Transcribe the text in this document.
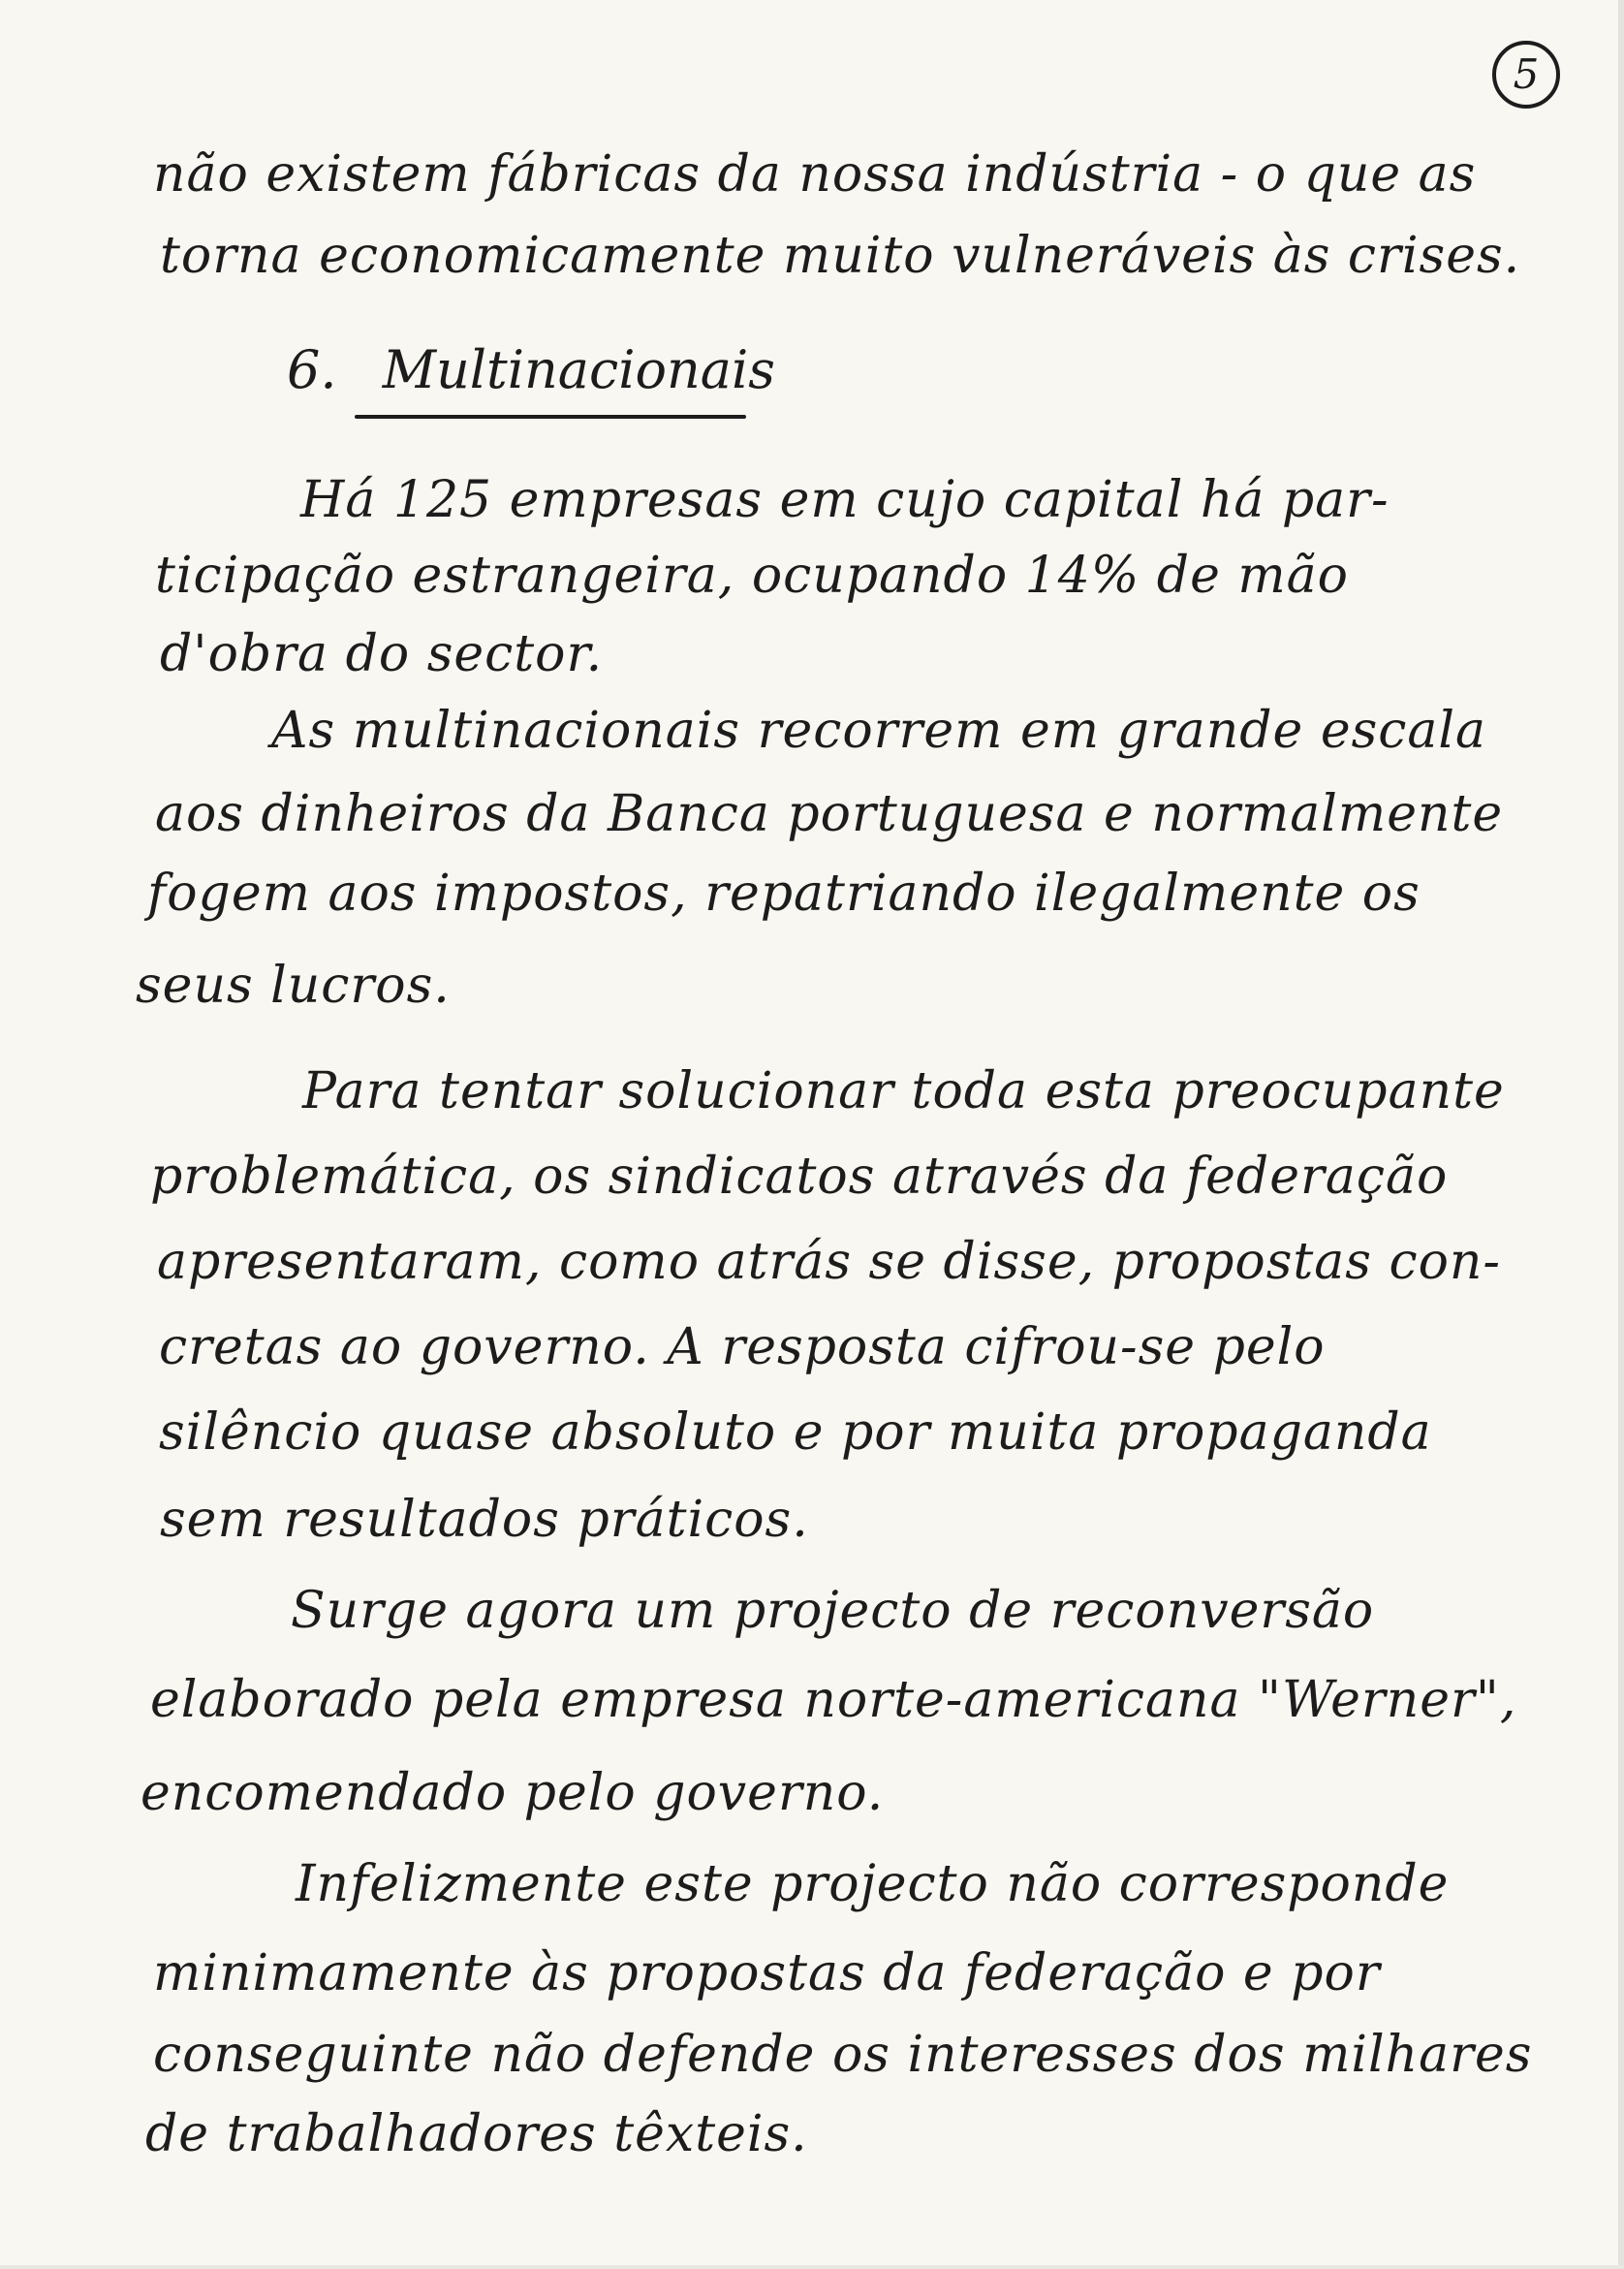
5
não existem fábricas da nossa indústria - o que as
torna economicamente muito vulneráveis às crises.
6. Multinacionais
Há 125 empresas em cujo capital há par-
ticipação estrangeira, ocupando 14% de mão
d'obra do sector.
As multinacionais recorrem em grande escala
aos dinheiros da Banca portuguesa e normalmente
fogem aos impostos, repatriando ilegalmente os
seus lucros.
Para tentar solucionar toda esta preocupante
problemática, os sindicatos através da federação
apresentaram, como atrás se disse, propostas con-
cretas ao governo. A resposta cifrou-se pelo
silêncio quase absoluto e por muita propaganda
sem resultados práticos.
Surge agora um projecto de reconversão
elaborado pela empresa norte-americana "Werner",
encomendado pelo governo.
Infelizmente este projecto não corresponde
minimamente às propostas da federação e por
conseguinte não defende os interesses dos milhares
de trabalhadores têxteis.
